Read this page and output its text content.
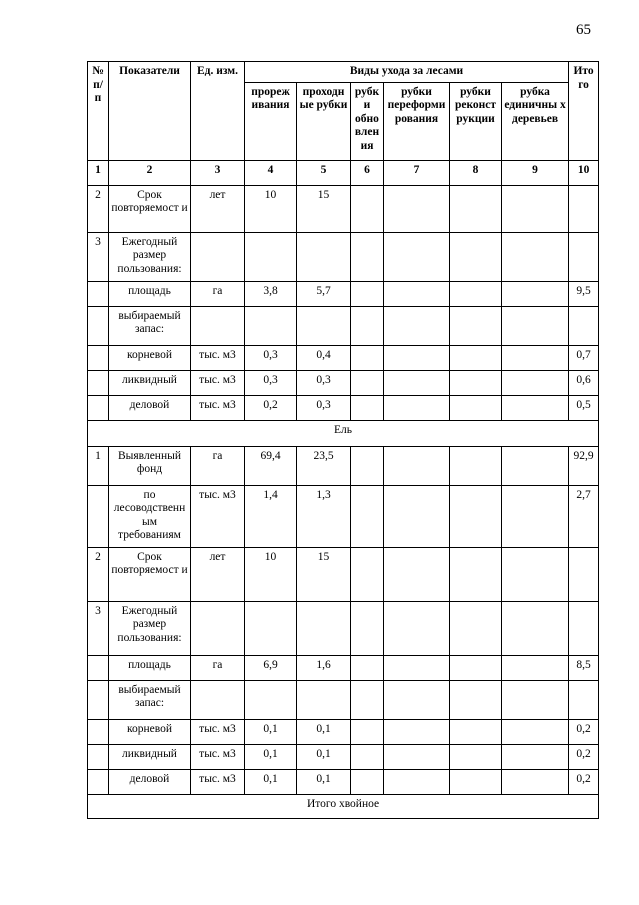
65
№ п/п	Показатели	Ед. изм.	Виды ухода за лесами						Итого
			прореж ивания	проходн ые рубки	рубк и обно влен ия	рубки переформи рования	рубки реконст рукции	рубка единичны х деревьев	
1	2	3	4	5	6	7	8	9	10
2	Срок повторяемост и	лет	10	15					
3	Ежегодный размер пользования:								
	площадь	га	3,8	5,7					9,5
	выбираемый запас:								
	корневой	тыс. м3	0,3	0,4					0,7
	ликвидный	тыс. м3	0,3	0,3					0,6
	деловой	тыс. м3	0,2	0,3					0,5
Ель									
1	Выявленный фонд	га	69,4	23,5					92,9
	по лесоводственн ым требованиям	тыс. м3	1,4	1,3					2,7
2	Срок повторяемост и	лет	10	15					
3	Ежегодный размер пользования:								
	площадь	га	6,9	1,6					8,5
	выбираемый запас:								
	корневой	тыс. м3	0,1	0,1					0,2
	ликвидный	тыс. м3	0,1	0,1					0,2
	деловой	тыс. м3	0,1	0,1					0,2
Итого хвойное									
